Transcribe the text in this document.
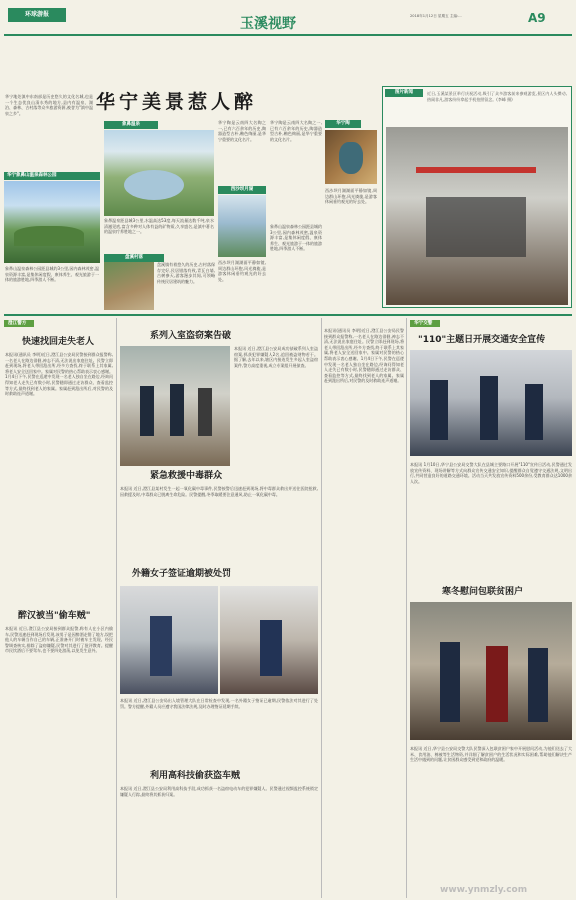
环球游报
玉溪视野	2018年1月12日 星期五 主编:...	A9
华宁美景惹人醉
华宁地处滇中东南部是历史悠久的文化名城,也是一个生态优良山清水秀的地方,县内有温泉、湖泊、森林、古村落等众多旅游资源,被誉为"滇中温泉之乡"。
华宁象鼻山温泉森林公园
象鼻山温泉森林公园距县城约3公里,园内森林茂密,温泉资源丰富,是集休闲度假、康体养生、观光旅游于一体的旅游胜地,四季游人不断。
象鼻温泉
象鼻温泉距县城3公里,水温高达53度,每天流量达数千吨,泉水清澈见底,富含多种对人体有益的矿物质,久享盛名,是滇中著名的温泉疗养胜地之一。
盘溪村落
盘溪镇有着悠久的历史,古村落保存完好,民居错落有致,青瓦白墙,古树参天,游客漫步其间,可领略传统民居建筑的魅力。
华宁陶是云南四大名陶之一,已有六百余年的历史,陶器造型古朴,釉色绚丽,是华宁重要的文化名片。
西沙坝月湖
西沙坝月湖湖面平静如镜,周边群山环抱,风光旖旎,是游客休闲垂钓观光的好去处。
华宁陶是云南四大名陶之一,已有六百余年的历史,陶器造型古朴,釉色绚丽,是华宁重要的文化名片。
华宁陶
西沙坝月湖湖面平静如镜,周边群山环抱,风光旖旎,是游客休闲垂钓观光的好去处。
象鼻山温泉森林公园距县城约3公里,园内森林茂密,温泉资源丰富,是集休闲度假、康体养生、观光旅游于一体的旅游胜地,四季游人不断。
图片新闻	近日,玉溪某景区举行庆祝活动,吸引了众多游客前来参观游览,景区内人头攒动,热闹非凡,游客纷纷拿起手机拍照留念。(李峰 摄)
澄江警方
快速找回走失老人
本报讯(通讯员 李明)近日,澄江县公安局民警接到群众报警称,一名老人在路边徘徊,神志不清,无法说出家庭住址。民警立即赶到现场,将老人带回派出所,经多方查找,终于联系上其家属,将老人安全送回家中。家属对民警的热心帮助表示衷心感谢。1月4日下午,民警在巡逻中发现一名老人独自坐在路边,经询问得知老人走失已有数小时,民警随即通过走访群众、查看监控等方式,最终找到老人的家属。家属赶到派出所后,对民警的及时救助连声道谢。
醉汉被当"偷车贼"
本报讯 近日,澄江县公安局接到群众报警,称有人在小区内偷车,民警迅速赶到现场后发现,该男子是因醉酒走错了地方,误把他人的车辆当作自己的车辆,正准备开门时被车主发现。经民警调查核实,排除了盗窃嫌疑,民警对其进行了批评教育。提醒市民饮酒后不要驾车,也不要四处游荡,以免发生意外。
系列入室盗窃案告破
本报讯 近日,澄江县公安局成功侦破系列入室盗窃案,抓获犯罪嫌疑人2名,追回被盗财物若干。据了解,去年以来,辖区内接连发生多起入室盗窃案件,警方高度重视,成立专案组开展侦查。
紧急救援中毒群众
本报讯 近日,澄江县某村发生一起一氧化碳中毒事件,民警接警后迅速赶到现场,将中毒群众救出并送往医院抢救,因救援及时,中毒群众已脱离生命危险。民警提醒,冬季取暖要注意通风,防止一氧化碳中毒。
外籍女子签证逾期被处罚
本报讯 近日,澄江县公安局出入境管理大队在日常检查中发现,一名外籍女子签证已逾期,民警依法对其进行了处罚。警方提醒,外籍人员应遵守我国法律法规,及时办理签证延期手续。
利用高科技偷获盗车贼
本报讯 近日,澄江县公安局利用高科技手段,成功抓获一名盗窃电动车的犯罪嫌疑人。民警通过视频监控系统锁定嫌疑人行踪,最终将其抓获归案。
本报讯(通讯员 李明)近日,澄江县公安局民警接到群众报警称,一名老人在路边徘徊,神志不清,无法说出家庭住址。民警立即赶到现场,将老人带回派出所,经多方查找,终于联系上其家属,将老人安全送回家中。家属对民警的热心帮助表示衷心感谢。1月4日下午,民警在巡逻中发现一名老人独自坐在路边,经询问得知老人走失已有数小时,民警随即通过走访群众、查看监控等方式,最终找到老人的家属。家属赶到派出所后,对民警的及时救助连声道谢。
华宁交警
"110"主题日开展交通安全宣传
本报讯 1月10日,华宁县公安局交警大队在县城主要路口开展"110"宣传日活动,民警通过发放宣传资料、现场讲解等方式向群众宣传交通安全知识,提醒群众自觉遵守交通法规,文明出行,共同营造良好的道路交通环境。活动当天共发放宣传资料500余份,受教育群众达1000余人次。
寒冬慰问包联贫困户
本报讯 近日,华宁县公安局交警大队民警深入包联贫困户家中开展慰问活动,为他们送去了大米、食用油、棉被等生活物资,并详细了解贫困户的生活状况和实际困难,帮助他们解决生产生活中遇到的问题,让贫困群众感受到党和政府的温暖。
www.ynmzly.com
